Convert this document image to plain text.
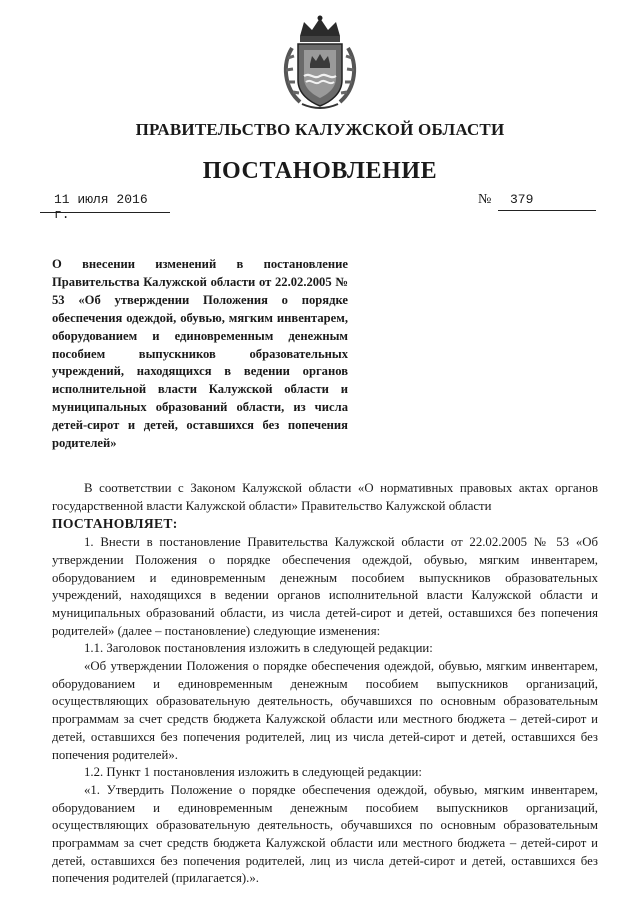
ПРАВИТЕЛЬСТВО КАЛУЖСКОЙ ОБЛАСТИ
ПОСТАНОВЛЕНИЕ
11 июля 2016 г.
№ 379
О внесении изменений в постановление Правительства Калужской области от 22.02.2005 № 53 «Об утверждении Положения о порядке обеспечения одеждой, обувью, мягким инвентарем, оборудованием и единовременным денежным пособием выпускников образовательных учреждений, находящихся в ведении органов исполнительной власти Калужской области и муниципальных образований области, из числа детей-сирот и детей, оставшихся без попечения родителей»

В соответствии с Законом Калужской области «О нормативных правовых актах органов государственной власти Калужской области» Правительство Калужской области

ПОСТАНОВЛЯЕТ:

1. Внести в постановление Правительства Калужской области от 22.02.2005 № 53 «Об утверждении Положения о порядке обеспечения одеждой, обувью, мягким инвентарем, оборудованием и единовременным денежным пособием выпускников образовательных учреждений, находящихся в ведении органов исполнительной власти Калужской области и муниципальных образований области, из числа детей-сирот и детей, оставшихся без попечения родителей» (далее – постановление) следующие изменения:

1.1. Заголовок постановления изложить в следующей редакции:

«Об утверждении Положения о порядке обеспечения одеждой, обувью, мягким инвентарем, оборудованием и единовременным денежным пособием выпускников организаций, осуществляющих образовательную деятельность, обучавшихся по основным образовательным программам за счет средств бюджета Калужской области или местного бюджета – детей-сирот и детей, оставшихся без попечения родителей, лиц из числа детей-сирот и детей, оставшихся без попечения родителей».

1.2. Пункт 1 постановления изложить в следующей редакции:

«1. Утвердить Положение о порядке обеспечения одеждой, обувью, мягким инвентарем, оборудованием и единовременным денежным пособием выпускников организаций, осуществляющих образовательную деятельность, обучавшихся по основным образовательным программам за счет средств бюджета Калужской области или местного бюджета – детей-сирот и детей, оставшихся без попечения родителей, лиц из числа детей-сирот и детей, оставшихся без попечения родителей (прилагается).».
